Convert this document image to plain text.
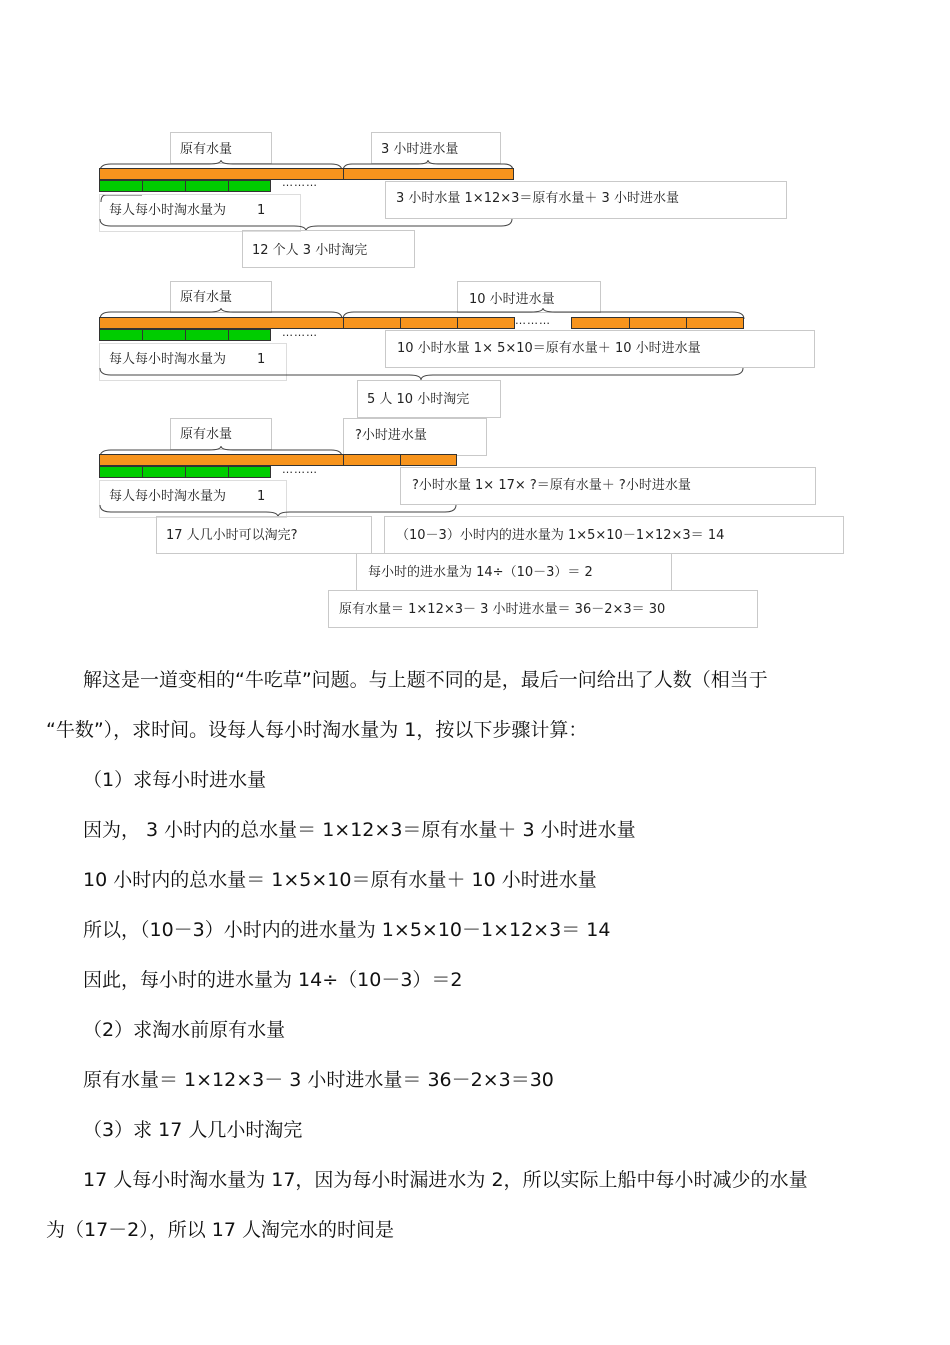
原有水量	3 小时进水量
………
3 小时水量 1×12×3＝原有水量＋ 3 小时进水量
每人每小时淘水量为 1
12 个人 3 小时淘完
原有水量	10 小时进水量
………
………
10 小时水量 1× 5×10＝原有水量＋ 10 小时进水量
每人每小时淘水量为 1
5 人 10 小时淘完
原有水量	?小时进水量
………
?小时水量 1× 17× ?＝原有水量＋ ?小时进水量
每人每小时淘水量为 1
17 人几小时可以淘完?	（10－3）小时内的进水量为 1×5×10－1×12×3＝ 14
每小时的进水量为 14÷（10－3）＝ 2
原有水量＝ 1×12×3－ 3 小时进水量＝ 36－2×3＝ 30
解这是一道变相的“牛吃草”问题。与上题不同的是，最后一问给出了人数（相当于
“牛数”），求时间。设每人每小时淘水量为 1，按以下步骤计算：
（1）求每小时进水量
因为， 3 小时内的总水量＝ 1×12×3＝原有水量＋ 3 小时进水量
10 小时内的总水量＝ 1×5×10＝原有水量＋ 10 小时进水量
所以，（10－3）小时内的进水量为 1×5×10－1×12×3＝ 14
因此，每小时的进水量为 14÷（10－3）＝2
（2）求淘水前原有水量
原有水量＝ 1×12×3－ 3 小时进水量＝ 36－2×3＝30
（3）求 17 人几小时淘完
17 人每小时淘水量为 17，因为每小时漏进水为 2，所以实际上船中每小时减少的水量
为（17－2），所以 17 人淘完水的时间是
